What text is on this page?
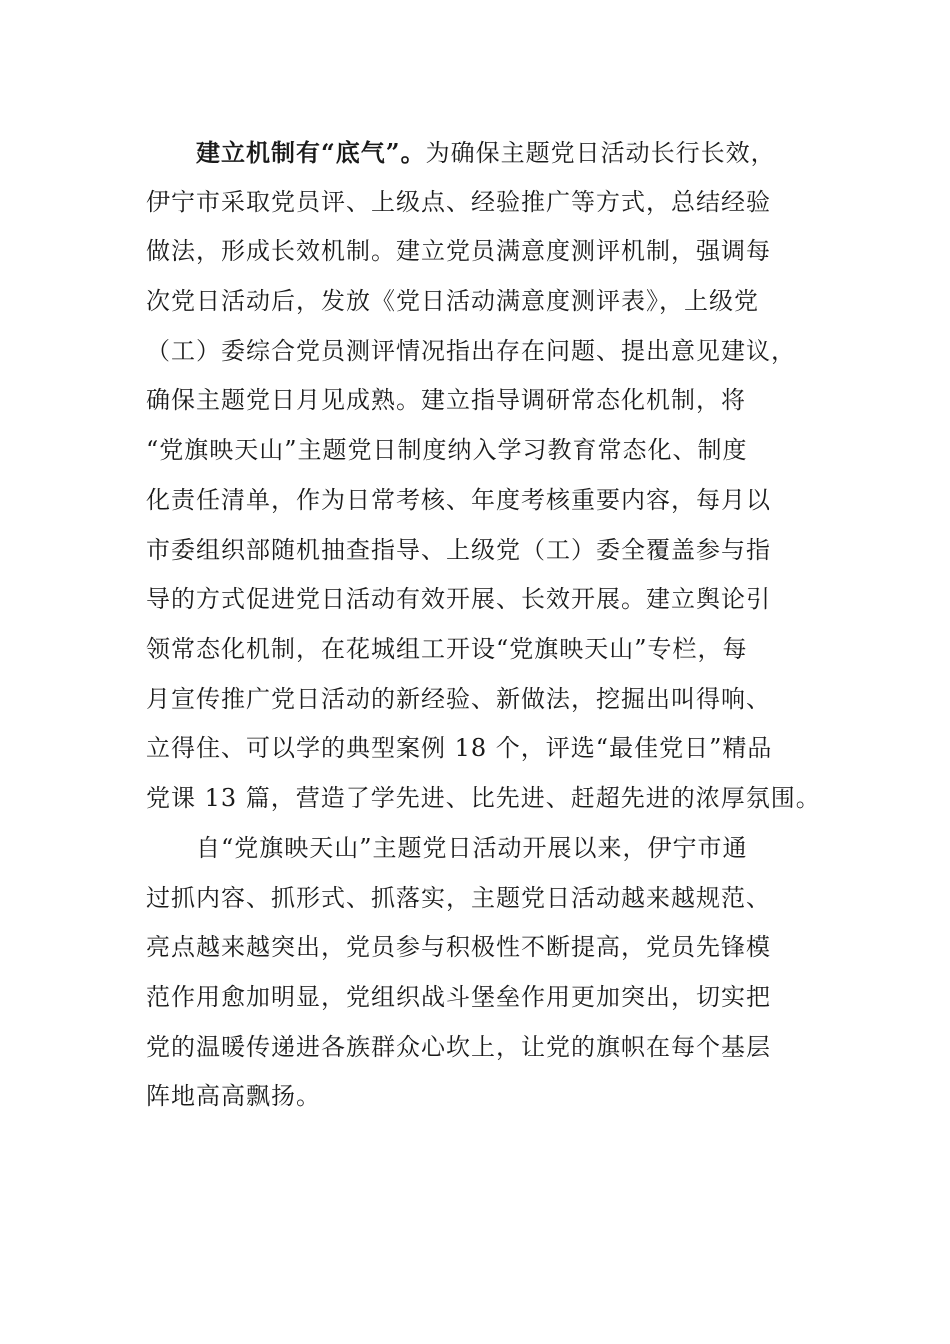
建立机制有“底气”。为确保主题党日活动长行长效，
伊宁市采取党员评、上级点、经验推广等方式，总结经验
做法，形成长效机制。建立党员满意度测评机制，强调每
次党日活动后，发放《党日活动满意度测评表》，上级党
（工）委综合党员测评情况指出存在问题、提出意见建议，
确保主题党日月见成熟。建立指导调研常态化机制，将
“党旗映天山”主题党日制度纳入学习教育常态化、制度
化责任清单，作为日常考核、年度考核重要内容，每月以
市委组织部随机抽查指导、上级党（工）委全覆盖参与指
导的方式促进党日活动有效开展、长效开展。建立舆论引
领常态化机制，在花城组工开设“党旗映天山”专栏，每
月宣传推广党日活动的新经验、新做法，挖掘出叫得响、
立得住、可以学的典型案例 18 个，评选“最佳党日”精品
党课 13 篇，营造了学先进、比先进、赶超先进的浓厚氛围。
自“党旗映天山”主题党日活动开展以来，伊宁市通
过抓内容、抓形式、抓落实，主题党日活动越来越规范、
亮点越来越突出，党员参与积极性不断提高，党员先锋模
范作用愈加明显，党组织战斗堡垒作用更加突出，切实把
党的温暖传递进各族群众心坎上，让党的旗帜在每个基层
阵地高高飘扬。
